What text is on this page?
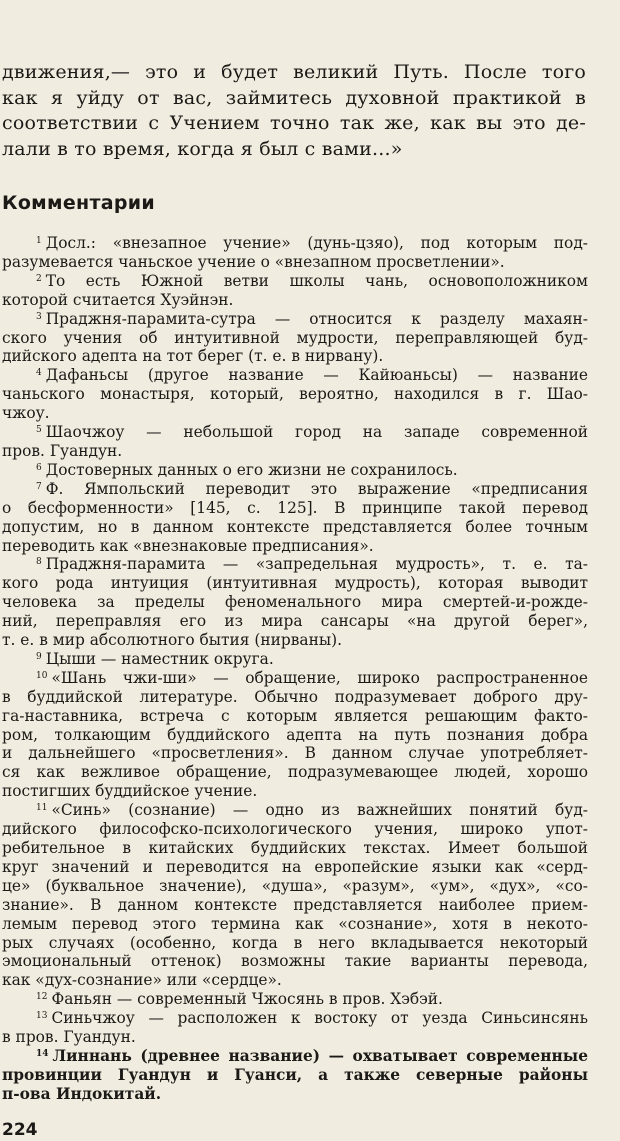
движения,— это и будет великий Путь. После того
как я уйду от вас, займитесь духовной практикой в
соответствии с Учением точно так же, как вы это де-
лали в то время, когда я был с вами...»
Комментарии
$^1$ Досл.: «внезапное учение» (дунь-цзяо), под которым под-
разумевается чаньское учение о «внезапном просветлении».
$^2$ То есть Южной ветви школы чань, основоположником
которой считается Хуэйнэн.
$^3$ Праджня-парамита-сутра — относится к разделу махаян-
ского учения об интуитивной мудрости, переправляющей буд-
дийского адепта на тот берег (т. е. в нирвану).
$^4$ Дафаньсы (другое название — Кайюаньсы) — название
чаньского монастыря, который, вероятно, находился в г. Шао-
чжоу.
$^5$ Шаочжоу — небольшой город на западе современной
пров. Гуандун.
$^6$ Достоверных данных о его жизни не сохранилось.
$^7$ Ф. Ямпольский переводит это выражение «предписания
о бесформенности» [145, с. 125]. В принципе такой перевод
допустим, но в данном контексте представляется более точным
переводить как «внезнаковые предписания».
$^8$ Праджня-парамита — «запредельная мудрость», т. е. та-
кого рода интуиция (интуитивная мудрость), которая выводит
человека за пределы феноменального мира смертей-и-рожде-
ний, переправляя его из мира сансары «на другой берег»,
т. е. в мир абсолютного бытия (нирваны).
$^9$ Цыши — наместник округа.
$^{10}$ «Шань чжи-ши» — обращение, широко распространенное
в буддийской литературе. Обычно подразумевает доброго дру-
га-наставника, встреча с которым является решающим факто-
ром, толкающим буддийского адепта на путь познания добра
и дальнейшего «просветления». В данном случае употребляет-
ся как вежливое обращение, подразумевающее людей, хорошо
постигших буддийское учение.
$^{11}$ «Синь» (сознание) — одно из важнейших понятий буд-
дийского философско-психологического учения, широко упот-
ребительное в китайских буддийских текстах. Имеет большой
круг значений и переводится на европейские языки как «серд-
це» (буквальное значение), «душа», «разум», «ум», «дух», «со-
знание». В данном контексте представляется наиболее прием-
лемым перевод этого термина как «сознание», хотя в некото-
рых случаях (особенно, когда в него вкладывается некоторый
эмоциональный оттенок) возможны такие варианты перевода,
как «дух-сознание» или «сердце».
$^{12}$ Фаньян — современный Чжосянь в пров. Хэбэй.
$^{13}$ Синьчжоу — расположен к востоку от уезда Синьсинсянь
в пров. Гуандун.
$^{14}$ Линнань (древнее название) — охватывает современные
провинции Гуандун и Гуанси, а также северные районы
п-ова Индокитай.
224
